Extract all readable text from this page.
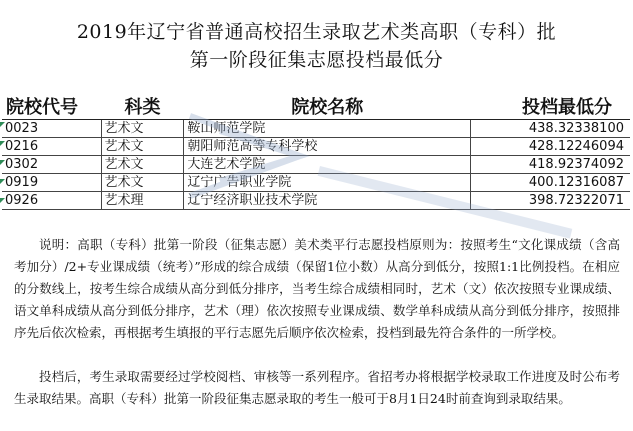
2019年辽宁省普通高校招生录取艺术类高职（专科）批
第一阶段征集志愿投档最低分
院校代号	科类	院校名称	投档最低分
0023	艺术文	鞍山师范学院	438.32338100
0216	艺术文	朝阳师范高等专科学校	428.12246094
0302	艺术文	大连艺术学院	418.92374092
0919	艺术文	辽宁广告职业学院	400.12316087
0926	艺术理	辽宁经济职业技术学院	398.72322071
说明：高职（专科）批第一阶段（征集志愿）美术类平行志愿投档原则为：按照考生“文化课成绩（含高考加分）/2+专业课成绩（统考）”形成的综合成绩（保留1位小数）从高分到低分，按照1:1比例投档。在相应的分数线上，按考生综合成绩从高分到低分排序，当考生综合成绩相同时，艺术（文）依次按照专业课成绩、语文单科成绩从高分到低分排序，艺术（理）依次按照专业课成绩、数学单科成绩从高分到低分排序，按照排序先后依次检索，再根据考生填报的平行志愿先后顺序依次检索，投档到最先符合条件的一所学校。
投档后，考生录取需要经过学校阅档、审核等一系列程序。省招考办将根据学校录取工作进度及时公布考生录取结果。高职（专科）批第一阶段征集志愿录取的考生一般可于8月1日24时前查询到录取结果。
